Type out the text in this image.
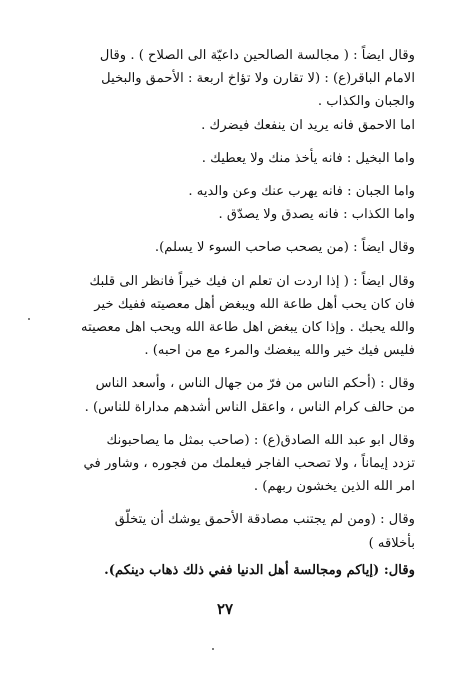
وقال ايضاً : ( مجالسة الصالحين داعيّة الى الصلاح ) . وقال
الامام الباقر(ع) : (لا تقارن ولا تؤاخ اربعة : الأحمق والبخيل
والجبان والكذاب .
اما الاحمق فانه يريد ان ينفعك فيضرك .
واما البخيل : فانه يأخذ منك ولا يعطيك .
واما الجبان : فانه يهرب عنك وعن والديه .
واما الكذاب : فانه يصدق ولا يصدّق .
وقال ايضاً : (من يصحب صاحب السوء لا يسلم).
وقال ايضاً : ( إذا اردت ان تعلم ان فيك خيراً فانظر الى قلبك
فان كان يحب أهل طاعة الله ويبغض أهل معصيته ففيك خير
والله يحبك . وإذا كان يبغض اهل طاعة الله ويحب اهل معصيته
فليس فيك خير والله يبغضك والمرء مع من احبه) .
وقال : (أحكم الناس من فرّ من جهال الناس ، وأسعد الناس
من حالف كرام الناس ، واعقل الناس أشدهم مداراة للناس) .
وقال ابو عبد الله الصادق(ع) : (صاحب بمثل ما يصاحبونك
تزدد إيماناً ، ولا تصحب الفاجر فيعلمك من فجوره ، وشاور في
امر الله الذين يخشون ربهم) .
وقال : (ومن لم يجتنب مصادقة الأحمق يوشك أن يتخلّق
بأخلاقه )
وقال: (إياكم ومجالسة أهل الدنيا ففي ذلك ذهاب دينكم).
٢٧
